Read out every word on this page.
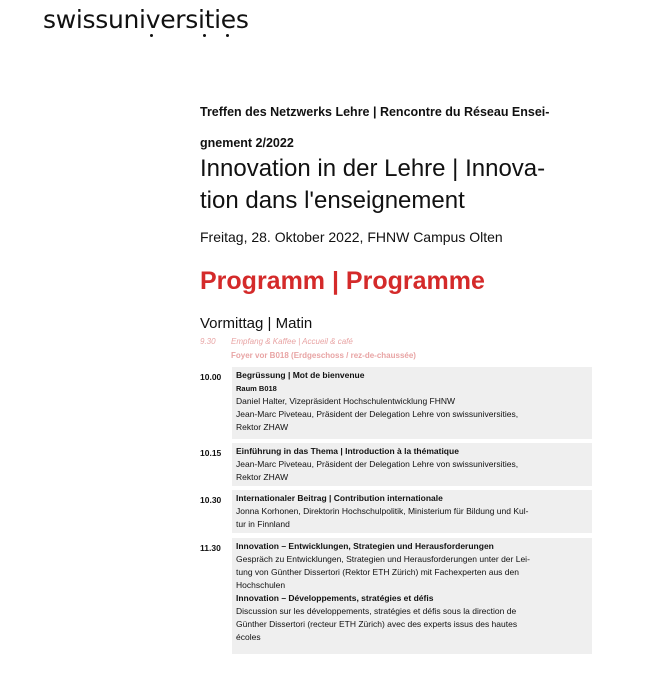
swissuniversities
Treffen des Netzwerks Lehre | Rencontre du Réseau Ensei-
gnement 2/2022
Innovation in der Lehre | Innova-
tion dans l'enseignement
Freitag, 28. Oktober 2022, FHNW Campus Olten
Programm | Programme
Vormittag | Matin
9.30 Empfang & Kaffee | Accueil & café
Foyer vor B018 (Erdgeschoss / rez-de-chaussée)
10.00 Begrüssung | Mot de bienvenue
Raum B018
Daniel Halter, Vizepräsident Hochschulentwicklung FHNW
Jean-Marc Piveteau, Präsident der Delegation Lehre von swissuniversities,
Rektor ZHAW
10.15 Einführung in das Thema | Introduction à la thématique
Jean-Marc Piveteau, Präsident der Delegation Lehre von swissuniversities,
Rektor ZHAW
10.30 Internationaler Beitrag | Contribution internationale
Jonna Korhonen, Direktorin Hochschulpolitik, Ministerium für Bildung und Kul-
tur in Finnland
11.30 Innovation – Entwicklungen, Strategien und Herausforderungen
Gespräch zu Entwicklungen, Strategien und Herausforderungen unter der Lei-
tung von Günther Dissertori (Rektor ETH Zürich) mit Fachexperten aus den
Hochschulen
Innovation – Développements, stratégies et défis
Discussion sur les développements, stratégies et défis sous la direction de
Günther Dissertori (recteur ETH Zürich) avec des experts issus des hautes
écoles
